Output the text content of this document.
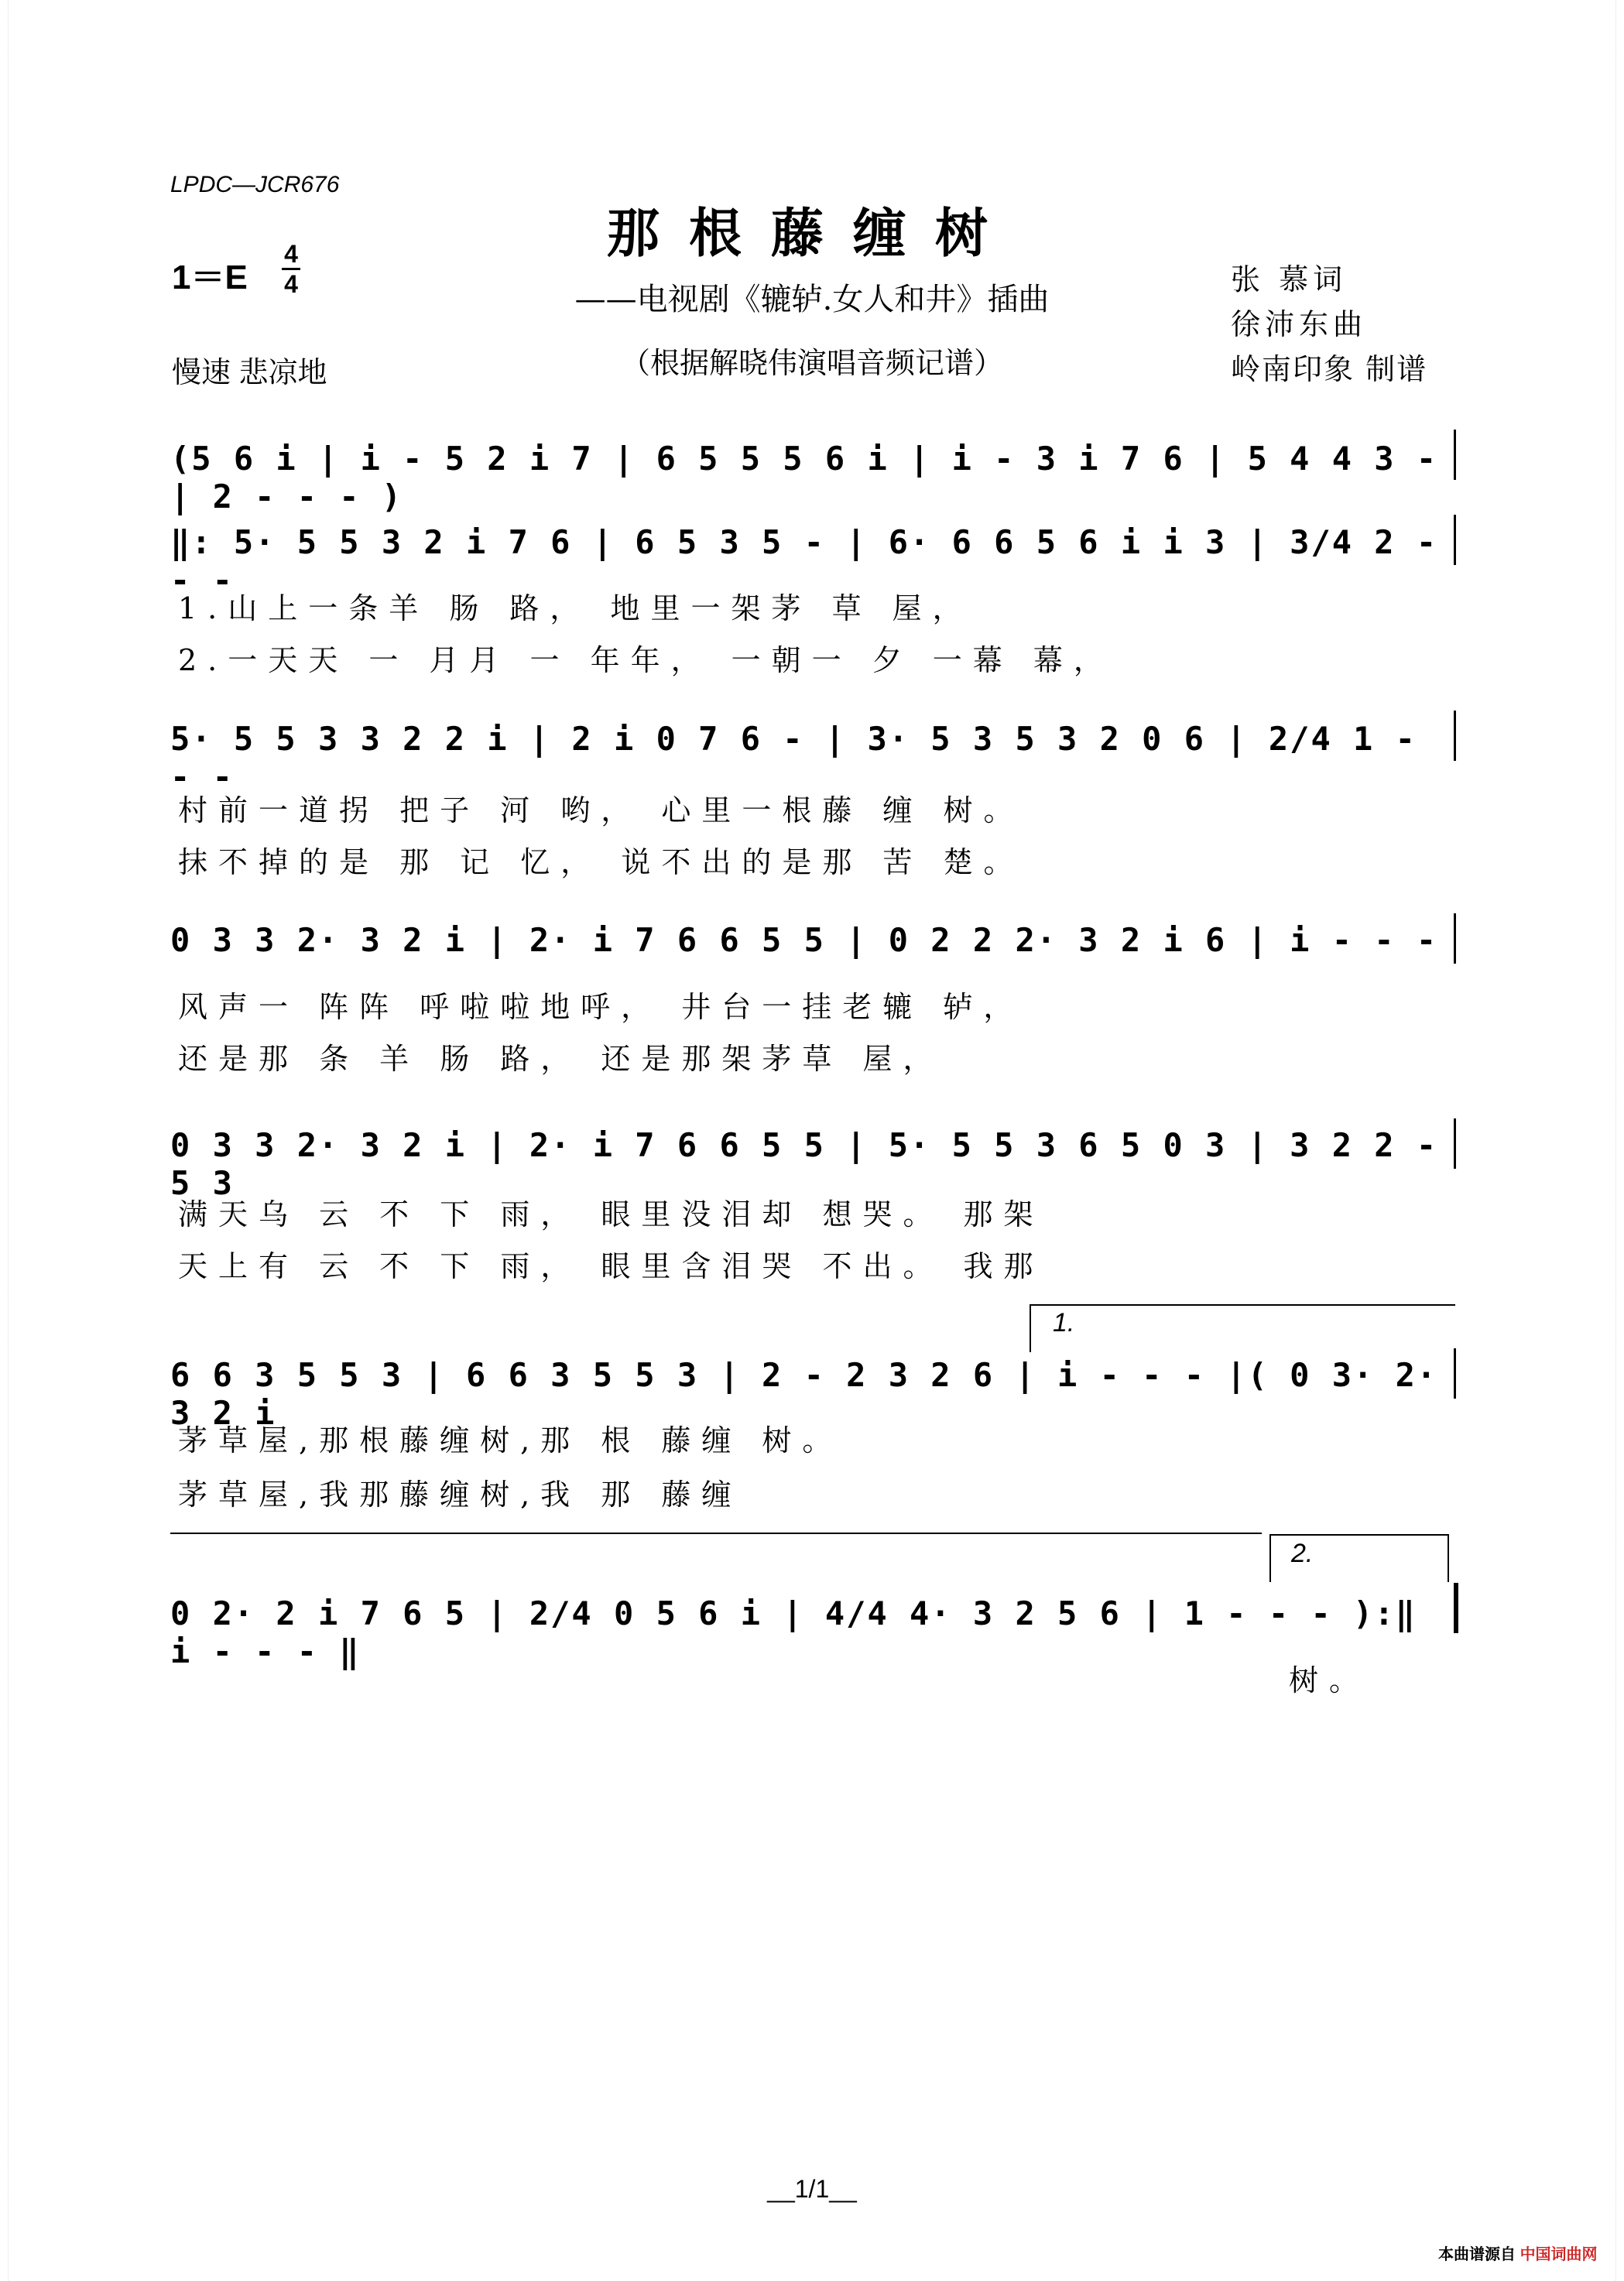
LPDC—JCR676
那根藤缠树
——电视剧《辘轳.女人和井》插曲
（根据解晓伟演唱音频记谱）
1＝E
4
4
慢速 悲凉地
张 慕词
徐沛东曲
岭南印象 制谱
(5 6 i | i - 5 2 i 7 | 6 5 5 5 6 i | i - 3 i 7 6 | 5 4 4 3 - | 2 - - - )
‖: 5· 5 5 3 2 i 7 6 | 6 5 3 5 - | 6· 6 6 5 6 i i 3 | 3/4 2 - - -
1.山上一条羊 肠 路， 地里一架茅 草 屋，
2.一天天 一 月月 一 年年， 一朝一 夕 一幕 幕，
5· 5 5 3 3 2 2 i | 2 i 0 7 6 - | 3· 5 3 5 3 2 0 6 | 2/4 1 - - -
村前一道拐 把子 河 哟， 心里一根藤 缠 树。
抹不掉的是 那 记 忆， 说不出的是那 苦 楚。
0 3 3 2· 3 2 i | 2· i 7 6 6 5 5 | 0 2 2 2· 3 2 i 6 | i - - -
风声一 阵阵 呼啦啦地呼， 井台一挂老辘 轳，
还是那 条 羊 肠 路， 还是那架茅草 屋，
0 3 3 2· 3 2 i | 2· i 7 6 6 5 5 | 5· 5 5 3 6 5 0 3 | 3 2 2 - 5 3
满天乌 云 不 下 雨， 眼里没泪却 想哭。 那架
天上有 云 不 下 雨， 眼里含泪哭 不出。 我那
1.
6 6 3 5 5 3 | 6 6 3 5 5 3 | 2 - 2 3 2 6 | i - - - |( 0 3· 2· 3 2 i
茅草屋,那根藤缠树,那 根 藤缠 树。
茅草屋,我那藤缠树,我 那 藤缠
2.
0 2· 2 i 7 6 5 | 2/4 0 5 6 i | 4/4 4· 3 2 5 6 | 1 - - - ):‖ i - - - ‖
树。
__1/1__
本曲谱源自 中国词曲网
